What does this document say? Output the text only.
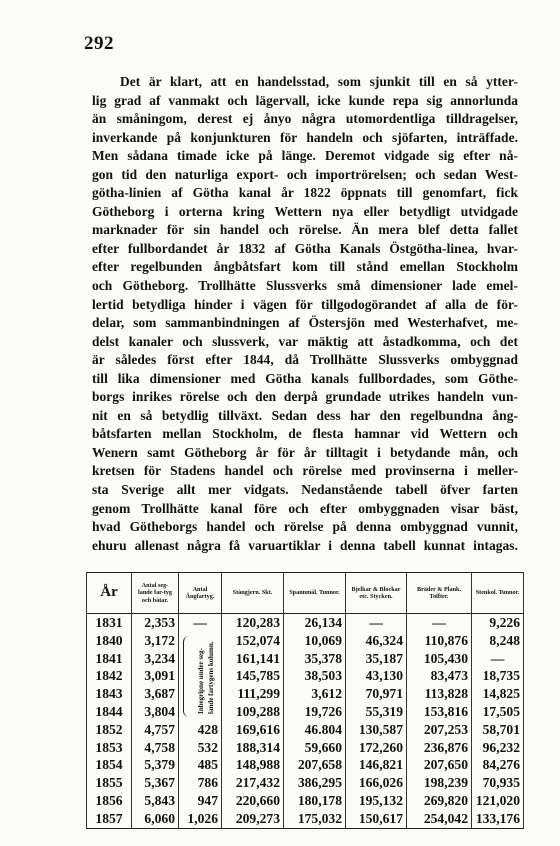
292
Det är klart, att en handelsstad, som sjunkit till en så ytter-
lig grad af vanmakt och lägervall, icke kunde repa sig annorlunda
än småningom, derest ej ånyo några utomordentliga tilldragelser,
inverkande på konjunkturen för handeln och sjöfarten, inträffade.
Men sådana timade icke på länge. Deremot vidgade sig efter nå-
gon tid den naturliga export- och importrörelsen; och sedan West-
götha-linien af Götha kanal år 1822 öppnats till genomfart, fick
Götheborg i orterna kring Wettern nya eller betydligt utvidgade
marknader för sin handel och rörelse. Än mera blef detta fallet
efter fullbordandet år 1832 af Götha Kanals Östgötha-linea, hvar-
efter regelbunden ångbåtsfart kom till stånd emellan Stockholm
och Götheborg. Trollhätte Slussverks små dimensioner lade emel-
lertid betydliga hinder i vägen för tillgodogörandet af alla de för-
delar, som sammanbindningen af Östersjön med Westerhafvet, me-
delst kanaler och slussverk, var mäktig att åstadkomma, och det
är således först efter 1844, då Trollhätte Slussverks ombyggnad
till lika dimensioner med Götha kanals fullbordades, som Göthe-
borgs inrikes rörelse och den derpå grundade utrikes handeln vun-
nit en så betydlig tillväxt. Sedan dess har den regelbundna ång-
båtsfarten mellan Stockholm, de flesta hamnar vid Wettern och
Wenern samt Götheborg år för år tilltagit i betydande mån, och
kretsen för Stadens handel och rörelse med provinserna i meller-
sta Sverige allt mer vidgats. Nedanstående tabell öfver farten
genom Trollhätte kanal före och efter ombyggnaden visar bäst,
hvad Götheborgs handel och rörelse på denna ombyggnad vunnit,
ehuru allenast några få varuartiklar i denna tabell kunnat intagas.
År	Antal seg-lande far-tyg och båtar.	Antal Ångfartyg.	Stångjern. Skt.	Spannmål. Tunnor.	Bjelkar & Blockar etc. Stycken.	Bräder & Plank. Tolfter.	Stenkol. Tunnor.
1831	2,353	—	120,283	26,134	—	—	9,226
1840	3,172	Inbegripne under seg- lande fartygens kolumn.	152,074	10,069	46,324	110,876	8,248
1841	3,234		161,141	35,378	35,187	105,430	—
1842	3,091		145,785	38,503	43,130	83,473	18,735
1843	3,687		111,299	3,612	70,971	113,828	14,825
1844	3,804		109,288	19,726	55,319	153,816	17,505
1852	4,757	428	169,616	46.804	130,587	207,253	58,701
1853	4,758	532	188,314	59,660	172,260	236,876	96,232
1854	5,379	485	148,988	207,658	146,821	207,650	84,276
1855	5,367	786	217,432	386,295	166,026	198,239	70,935
1856	5,843	947	220,660	180,178	195,132	269,820	121,020
1857	6,060	1,026	209,273	175,032	150,617	254,042	133,176
